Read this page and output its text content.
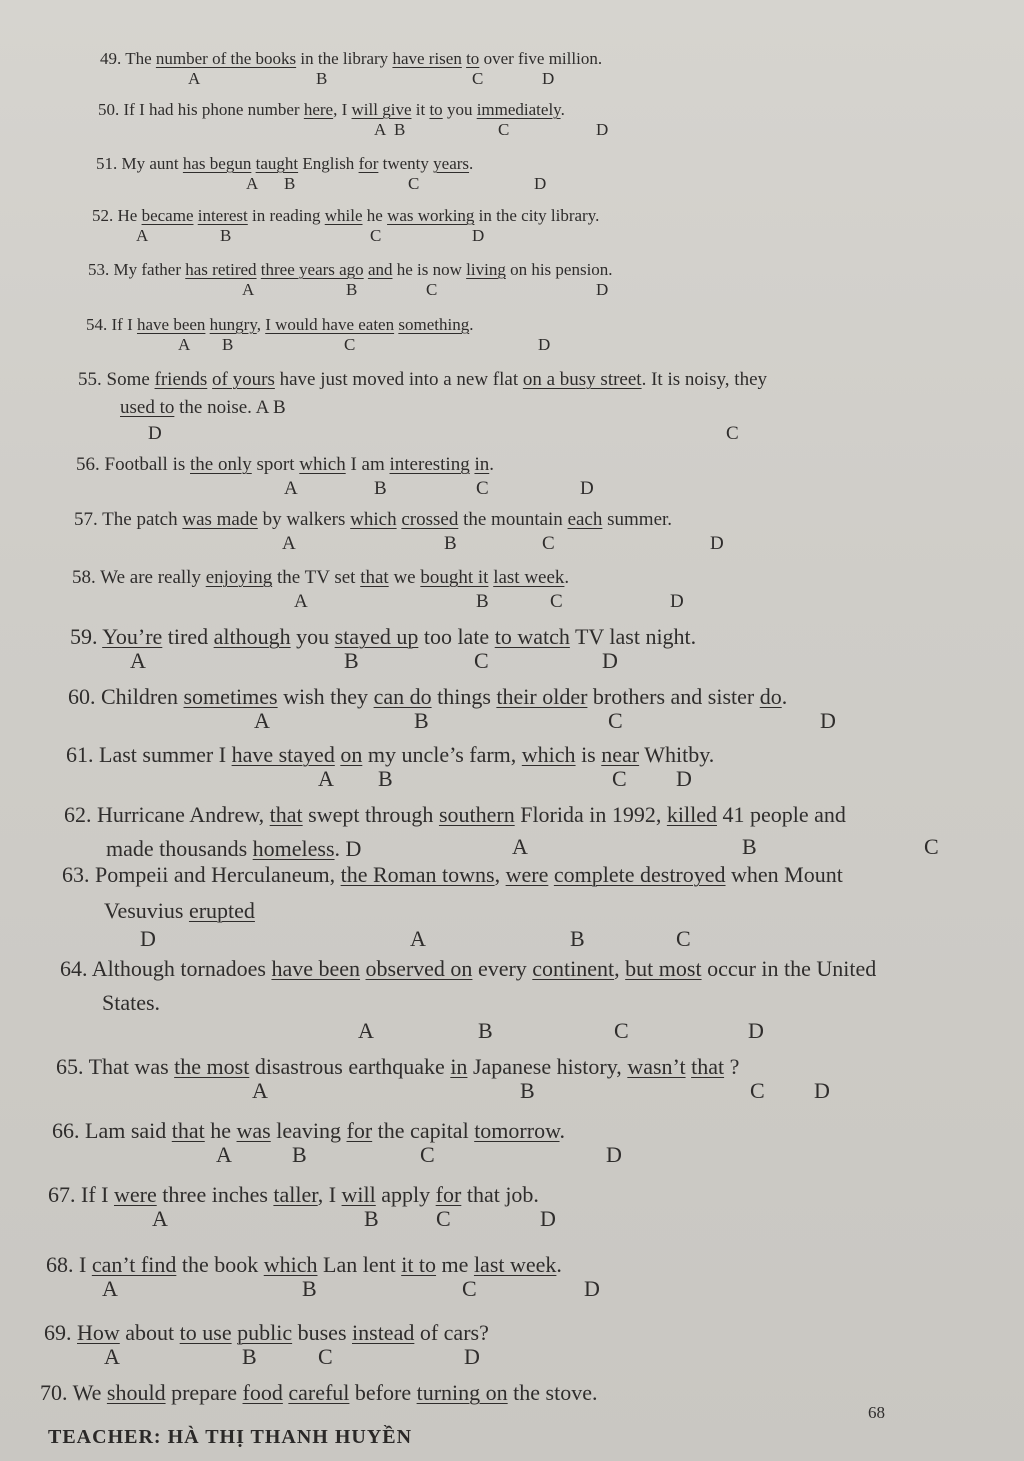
49. The number of the books in the library have risen to over five million.
A	B	C	D
50. If I had his phone number here, I will give it to you immediately.
A B	C	D
51. My aunt has begun taught English for twenty years.
A B	C	D
52. He became interest in reading while he was working in the city library.
A	B	C	D
53. My father has retired three years ago and he is now living on his pension.
A	B	C	D
54. If I have been hungry, I would have eaten something.
A B	C	D
55. Some friends of yours have just moved into a new flat on a busy street. It is noisy, they
used to the noise. A B
C
D
56. Football is the only sport which I am interesting in.
A	B	C	D
57. The patch was made by walkers which crossed the mountain each summer.
A	B	C	D
58. We are really enjoying the TV set that we bought it last week.
A	B	C	D
59. You’re tired although you stayed up too late to watch TV last night.
A	B	C	D
60. Children sometimes wish they can do things their older brothers and sister do.
A	B	C	D
61. Last summer I have stayed on my uncle’s farm, which is near Whitby.
A B	C D
62. Hurricane Andrew, that swept through southern Florida in 1992, killed 41 people and
made thousands homeless. D	A	B	C
63. Pompeii and Herculaneum, the Roman towns, were complete destroyed when Mount
Vesuvius erupted
D	A	B	C
64. Although tornadoes have been observed on every continent, but most occur in the United
States.
A	B	C	D
65. That was the most disastrous earthquake in Japanese history, wasn’t that ?
A	B	C D
66. Lam said that he was leaving for the capital tomorrow.
A	B	C	D
67. If I were three inches taller, I will apply for that job.
A	B	C	D
68. I can’t find the book which Lan lent it to me last week.
A	B	C	D
69. How about to use public buses instead of cars?
A	B	C	D
70. We should prepare food careful before turning on the stove.
TEACHER: HÀ THỊ THANH HUYỀN
68
